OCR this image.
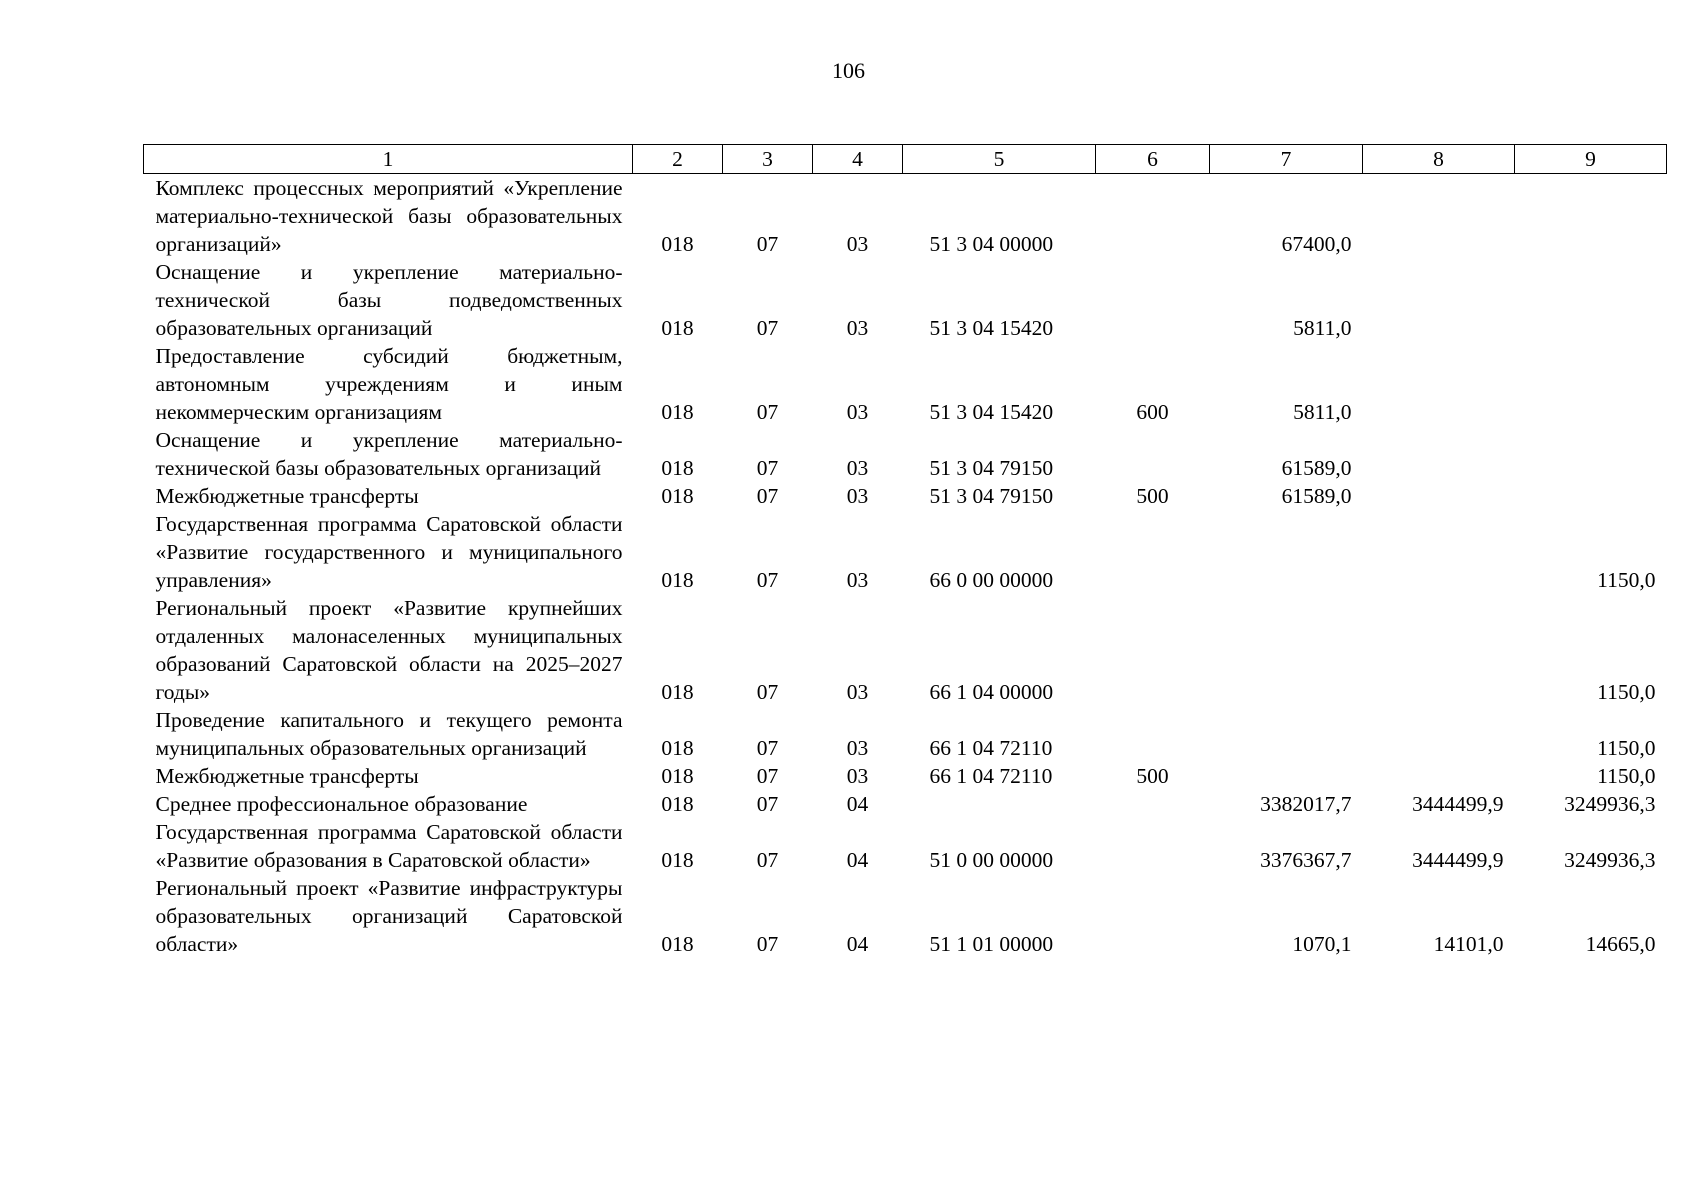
106
1	2	3	4	5	6	7	8	9
Комплекс процессных мероприятий «Укрепление материально-технической базы образовательных организаций»	018	07	03	51 3 04 00000		67400,0		
Оснащение и укрепление материально-технической базы подведомственных образовательных организаций	018	07	03	51 3 04 15420		5811,0		
Предоставление субсидий бюджетным, автономным учреждениям и иным некоммерческим организациям	018	07	03	51 3 04 15420	600	5811,0		
Оснащение и укрепление материально-технической базы образовательных организаций	018	07	03	51 3 04 79150		61589,0		
Межбюджетные трансферты	018	07	03	51 3 04 79150	500	61589,0		
Государственная программа Саратовской области «Развитие государственного и муниципального управления»	018	07	03	66 0 00 00000				1150,0
Региональный проект «Развитие крупнейших отдаленных малонаселенных муниципальных образований Саратовской области на 2025–2027 годы»	018	07	03	66 1 04 00000				1150,0
Проведение капитального и текущего ремонта муниципальных образовательных организаций	018	07	03	66 1 04 72110				1150,0
Межбюджетные трансферты	018	07	03	66 1 04 72110	500			1150,0
Среднее профессиональное образование	018	07	04			3382017,7	3444499,9	3249936,3
Государственная программа Саратовской области «Развитие образования в Саратовской области»	018	07	04	51 0 00 00000		3376367,7	3444499,9	3249936,3
Региональный проект «Развитие инфраструктуры образовательных организаций Саратовской области»	018	07	04	51 1 01 00000		1070,1	14101,0	14665,0
